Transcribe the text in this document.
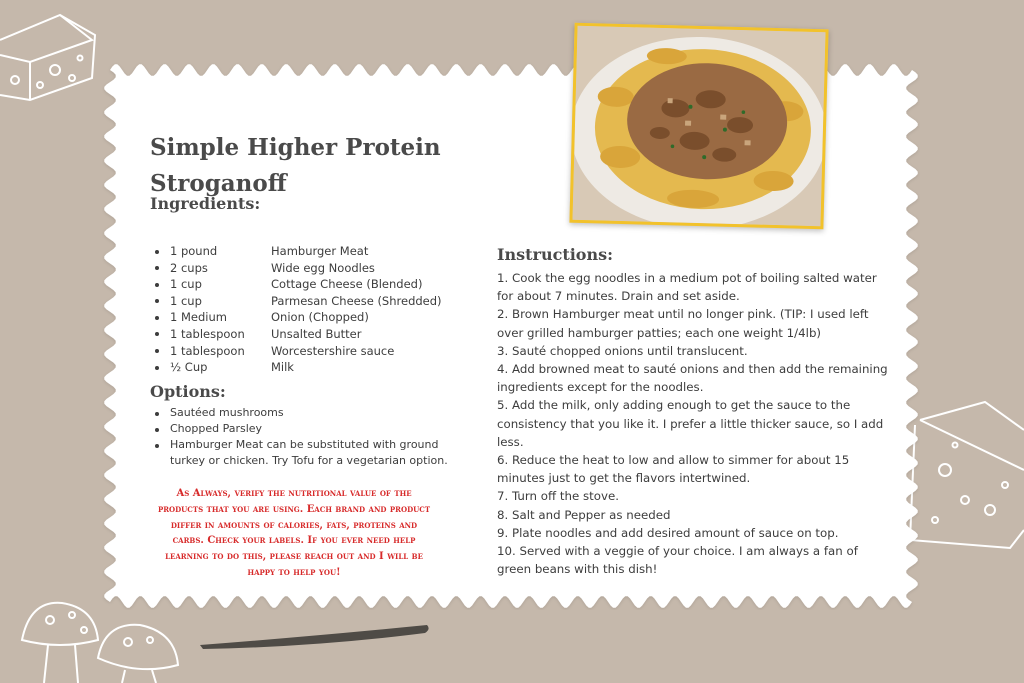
Simple Higher Protein Stroganoff
Ingredients:
1 pound	Hamburger Meat
2 cups	Wide egg Noodles
1 cup	Cottage Cheese (Blended)
1 cup	Parmesan Cheese (Shredded)
1 Medium	Onion (Chopped)
1 tablespoon Unsalted Butter
1 tablespoon Worcestershire sauce
½ Cup	Milk
Options:
Sautéed mushrooms
Chopped Parsley
Hamburger Meat can be substituted with ground turkey or chicken. Try Tofu for a vegetarian option.
As Always, verify the nutritional value of the products that you are using. Each brand and product differ in amounts of calories, fats, proteins and carbs. Check your labels. If you ever need help learning to do this, please reach out and I will be happy to help you!
Instructions:
1. Cook the egg noodles in a medium pot of boiling salted water for about 7 minutes. Drain and set aside.
2. Brown Hamburger meat until no longer pink. (TIP: I used left over grilled hamburger patties; each one weight 1/4lb)
3. Sauté chopped onions until translucent.
4. Add browned meat to sauté onions and then add the remaining ingredients except for the noodles.
5. Add the milk, only adding enough to get the sauce to the consistency that you like it. I prefer a little thicker sauce, so I add less.
6. Reduce the heat to low and allow to simmer for about 15 minutes just to get the flavors intertwined.
7. Turn off the stove.
8. Salt and Pepper as needed
9. Plate noodles and add desired amount of sauce on top.
10. Served with a veggie of your choice. I am always a fan of green beans with this dish!
